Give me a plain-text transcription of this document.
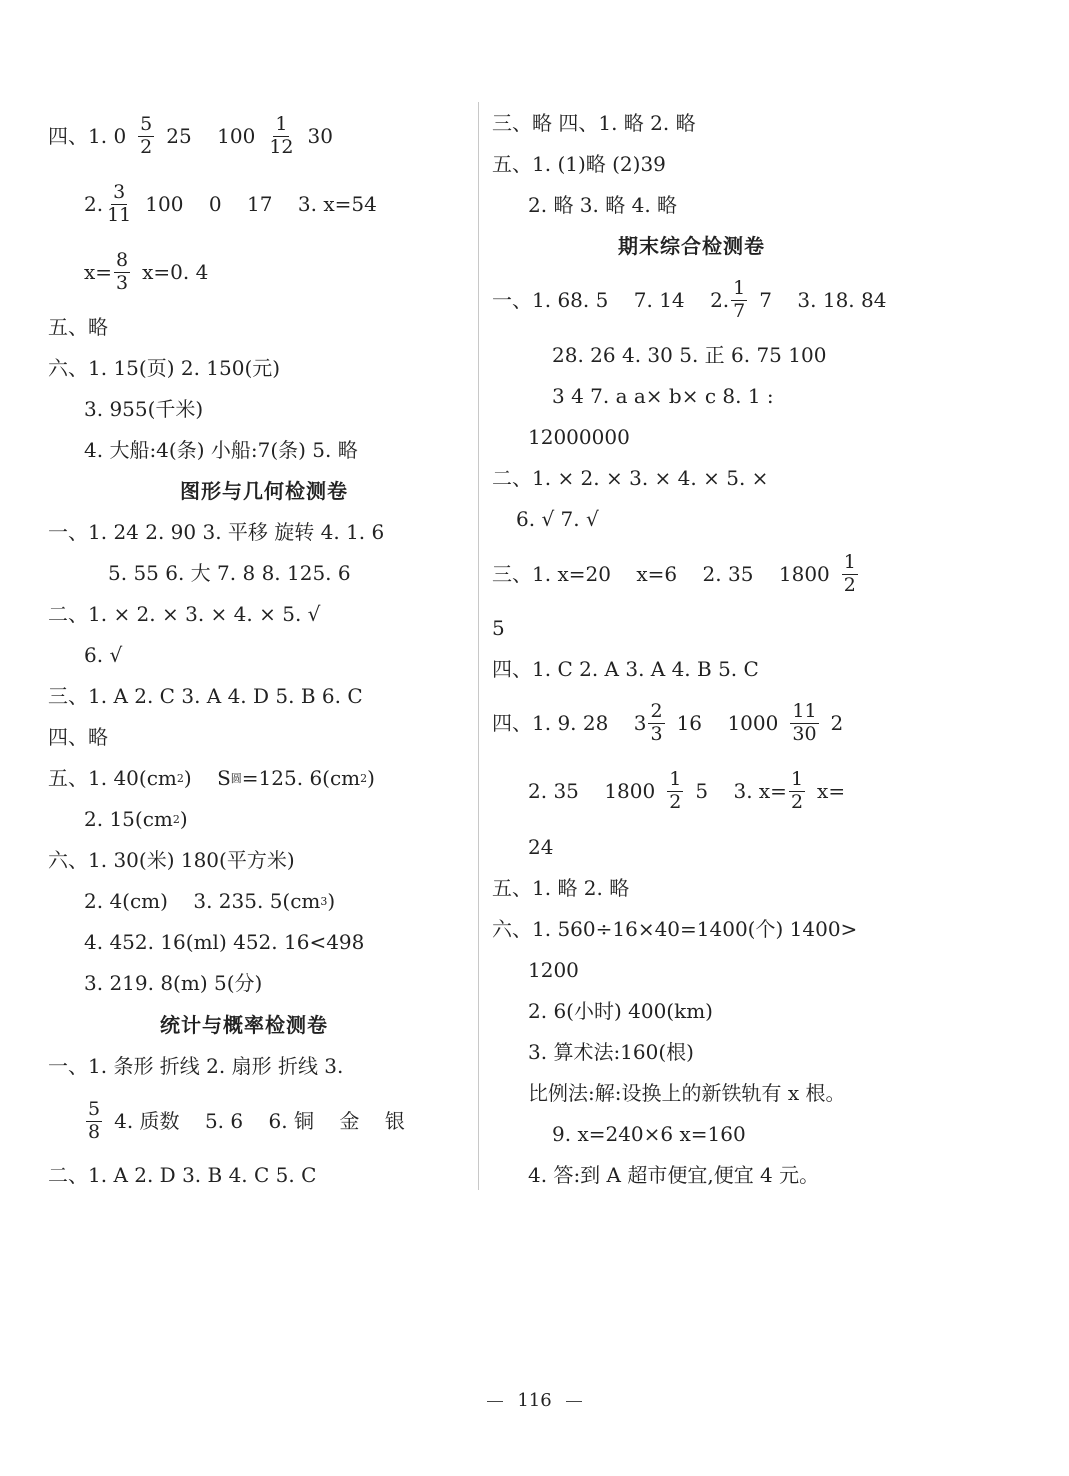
四、1. $0 \frac{5}{2} 25$    $100 \frac{1}{12} 30$
2. $\frac{3}{11} 100$    0    17    3. x=54
$x= \frac{8}{3} x=0$. 4
五、略
六、1. 15(页) 2. 150(元)
3. 955(千米)
4. 大船:4(条) 小船:7(条) 5. 略
图形与几何检测卷
一、1. 24 2. 90 3. 平移 旋转 4. 1. 6
5. 55 6. 大 7. 8 8. 125. 6
二、1. × 2. × 3. × 4. × 5. √
6. √
三、1. A 2. C 3. A 4. D 5. B 6. C
四、略
五、1. 40(cm 2 )    S 圆 =125. 6(cm 2 )
2. 15(cm 2 )
六、1. 30(米) 180(平方米)
2. 4(cm)    3. 235. 5(cm 3 )
4. 452. 16(ml) 452. 16<498
3. 219. 8(m) 5(分)
统计与概率检测卷
一、1. 条形 折线 2. 扇形 折线 3.
$\frac{5}{8} 4$. 质数    5. 6    6. 铜    金    银
二、1. A 2. D 3. B 4. C 5. C
三、略 四、1. 略 2. 略
五、1. (1)略 (2)39
2. 略 3. 略 4. 略
期末综合检测卷
一、1. 68. 5    7. 14    2. $\frac{1}{7} 7$    3. 18. 84
28. 26 4. 30 5. 正 6. 75 100
3 4 7. a a× b× c 8. 1 :
12000000
二、1. × 2. × 3. × 4. × 5. ×
6. √ 7. √
三、1. x=20    x=6    2. 35    $1800 \frac{1}{2}$
5
四、1. C 2. A 3. A 4. B 5. C
四、1. 9. 28    $3 \frac{2}{3} 16$    $1000 \frac{11}{30} 2$
2. 35    $1800 \frac{1}{2} 5$    3. $x= \frac{1}{2} x=$
24
五、1. 略 2. 略
六、1. 560÷16×40=1400(个) 1400>
1200
2. 6(小时) 400(km)
3. 算术法:160(根)
比例法:解:设换上的新铁轨有 x 根。
9. x=240×6 x=160
4. 答:到 A 超市便宜,便宜 4 元。
116
